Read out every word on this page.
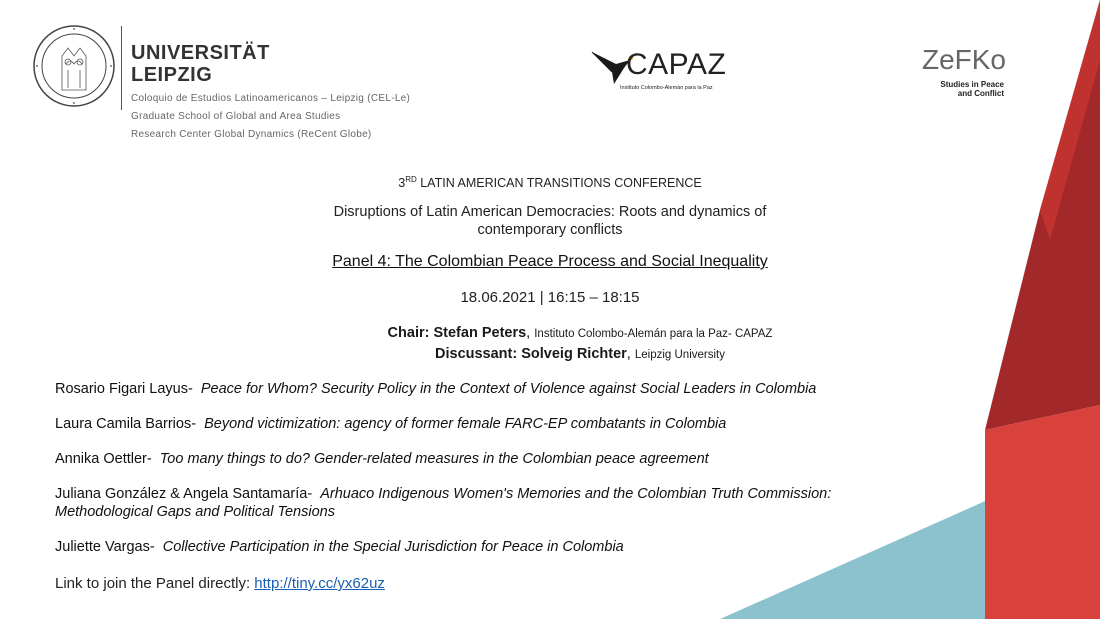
UNIVERSITÄT
LEIPZIG
Coloquio de Estudios Latinoamericanos – Leipzig (CEL-Le)
Graduate School of Global and Area Studies
Research Center Global Dynamics (ReCent Globe)
CAPAZ
Instituto Colombo-Alemán para la Paz
ZeFKo
Studies in Peace
and Conflict
3RD LATIN AMERICAN TRANSITIONS CONFERENCE
Disruptions of Latin American Democracies: Roots and dynamics of
contemporary conflicts
Panel 4: The Colombian Peace Process and Social Inequality
18.06.2021 | 16:15 – 18:15
Chair: Stefan Peters, Instituto Colombo-Alemán para la Paz- CAPAZ
Discussant: Solveig Richter, Leipzig University
Rosario Figari Layus-  Peace for Whom? Security Policy in the Context of Violence against Social Leaders in Colombia
Laura Camila Barrios-  Beyond victimization: agency of former female FARC-EP combatants in Colombia
Annika Oettler-  Too many things to do? Gender-related measures in the Colombian peace agreement
Juliana González & Angela Santamaría-  Arhuaco Indigenous Women's Memories and the Colombian Truth Commission: Methodological Gaps and Political Tensions
Juliette Vargas-  Collective Participation in the Special Jurisdiction for Peace in Colombia
Link to join the Panel directly: http://tiny.cc/yx62uz
